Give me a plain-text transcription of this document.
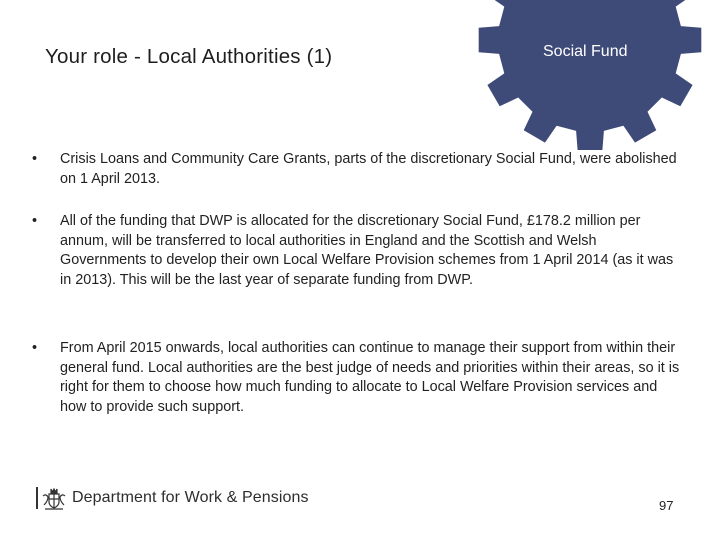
Social Fund
Your role - Local Authorities (1)
• Crisis Loans and Community Care Grants, parts of the discretionary Social Fund, were abolished on 1 April 2013.
• All of the funding that DWP is allocated for the discretionary Social Fund, £178.2 million per annum, will be transferred to local authorities in England and the Scottish and Welsh Governments to develop their own Local Welfare Provision schemes from 1 April 2014 (as it was in 2013). This will be the last year of separate funding from DWP.
• From April 2015 onwards, local authorities can continue to manage their support from within their general fund. Local authorities are the best judge of needs and priorities within their areas, so it is right for them to choose how much funding to allocate to Local Welfare Provision services and how to provide such support.
Department for Work & Pensions	97
